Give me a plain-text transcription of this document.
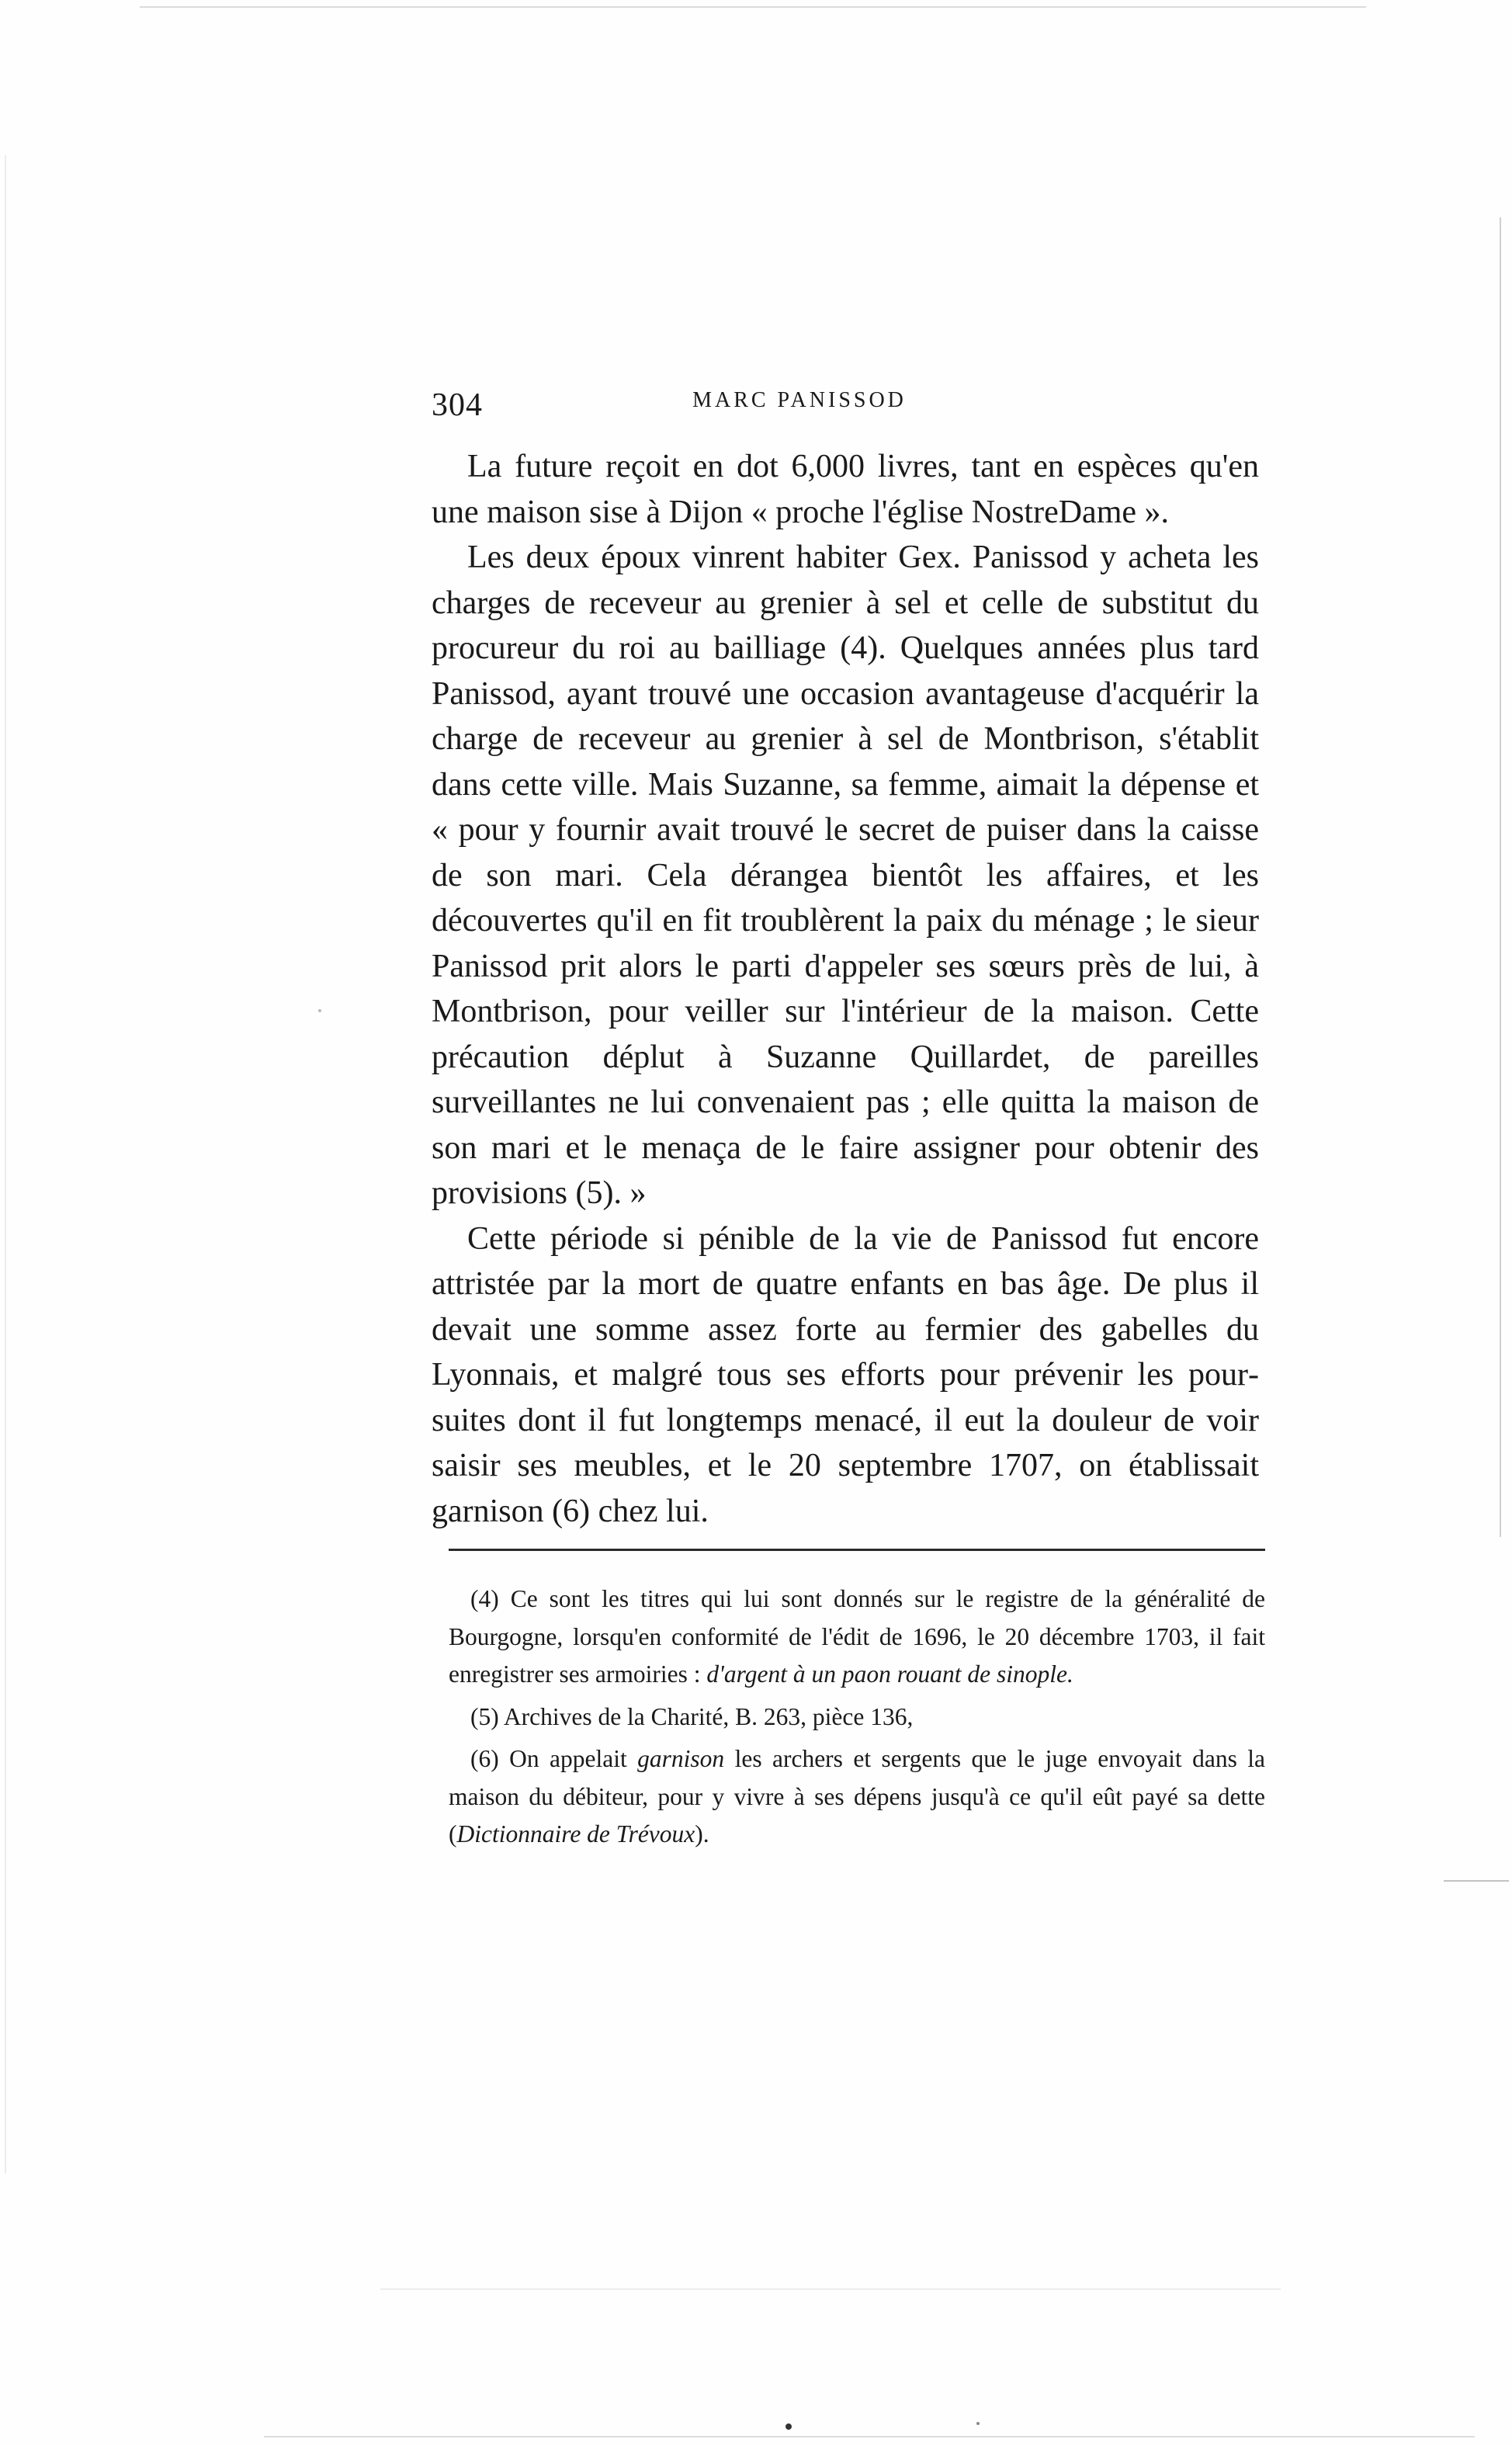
304	MARC PANISSOD

La future reçoit en dot 6,000 livres, tant en espèces qu'en une maison sise à Dijon « proche l'église NostreDame ».

Les deux époux vinrent habiter Gex. Panissod y acheta les charges de receveur au grenier à sel et celle de substitut du procureur du roi au bailliage (4). Quelques années plus tard Panissod, ayant trouvé une occasion avantageuse d'acquérir la charge de receveur au grenier à sel de Montbrison, s'établit dans cette ville. Mais Suzanne, sa femme, aimait la dépense et « pour y fournir avait trouvé le secret de puiser dans la caisse de son mari. Cela dérangea bientôt les affaires, et les découvertes qu'il en fit troublèrent la paix du ménage ; le sieur Panissod prit alors le parti d'appeler ses sœurs près de lui, à Montbrison, pour veiller sur l'intérieur de la maison. Cette précaution déplut à Suzanne Quillardet, de pareilles surveillantes ne lui convenaient pas ; elle quitta la maison de son mari et le menaça de le faire assigner pour obtenir des provisions (5). »

Cette période si pénible de la vie de Panissod fut encore attristée par la mort de quatre enfants en bas âge. De plus il devait une somme assez forte au fermier des gabelles du Lyonnais, et malgré tous ses efforts pour prévenir les poursuites dont il fut longtemps menacé, il eut la douleur de voir saisir ses meubles, et le 20 septembre 1707, on établissait garnison (6) chez lui.

(4) Ce sont les titres qui lui sont donnés sur le registre de la généralité de Bourgogne, lorsqu'en conformité de l'édit de 1696, le 20 décembre 1703, il fait enregistrer ses armoiries : d'argent à un paon rouant de sinople.

(5) Archives de la Charité, B. 263, pièce 136,

(6) On appelait garnison les archers et sergents que le juge envoyait dans la maison du débiteur, pour y vivre à ses dépens jusqu'à ce qu'il eût payé sa dette (Dictionnaire de Trévoux).
